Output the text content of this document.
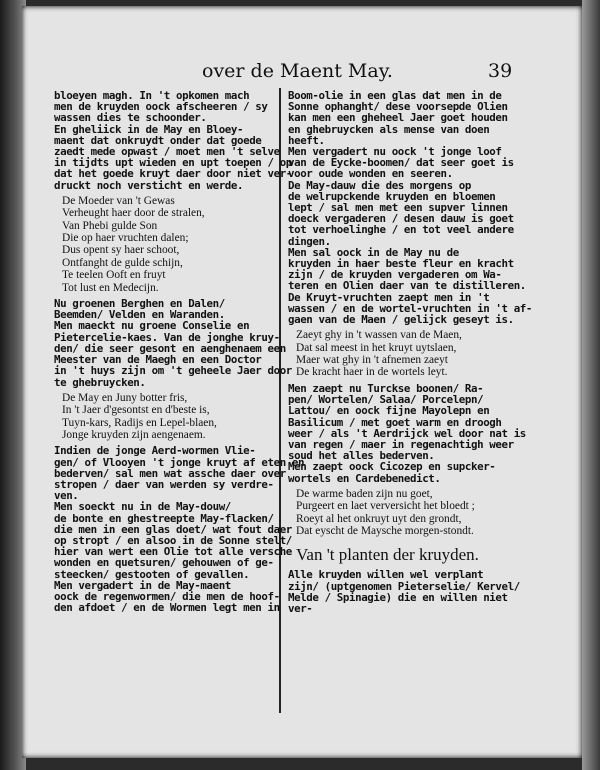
over de Maent May.	39

bloeyen magh. In 't opkomen mach
men de kruyden oock afscheeren / sy
wassen dies te schoonder.

En gheliick in de May en Bloey-
maent dat onkruydt onder dat goede
zaedt mede opwast / moet men 't selve
in tijdts upt wieden en upt toepen / op
dat het goede kruyt daer door niet ver-
druckt noch versticht en werde.

De Moeder van 't Gewas
Verheught haer door de stralen,
Van Phebi gulde Son
Die op haer vruchten dalen;
Dus opent sy haer schoot,
Ontfanght de gulde schijn,
Te teelen Ooft en fruyt
Tot lust en Medecijn.

Nu groenen Berghen en Dalen/
Beemden/ Velden en Waranden.

Men maeckt nu groene Conselie en
Pietercelie-kaes. Van de jonghe kruy-
den/ die seer gesont en aenghenaem een
Meester van de Maegh en een Doctor
in 't huys zijn om 't geheele Jaer door
te ghebruycken.

De May en Juny botter fris,
In 't Jaer d'gesontst en d'beste is,
Tuyn-kars, Radijs en Lepel-blaen,
Jonge kruyden zijn aengenaem.

Indien de jonge Aerd-wormen Vlie-
gen/ of Vlooyen 't jonge kruyt af eten en
bederven/ sal men wat assche daer over
stropen / daer van werden sy verdre-
ven.

Men soeckt nu in de May-douw/
de bonte en ghestreepte May-flacken/
die men in een glas doet/ wat fout daer
op stropt / en alsoo in de Sonne stelt/
hier van wert een Olie tot alle versche
wonden en quetsuren/ gehouwen of ge-
steecken/ gestooten of gevallen.

Men vergadert in de May-maent
oock de regenwormen/ die men de hoof-
den afdoet / en de Wormen legt men in

Boom-olie in een glas dat men in de
Sonne ophanght/ dese voorsepde Olien
kan men een gheheel Jaer goet houden
en ghebruycken als mense van doen
heeft.

Men vergadert nu oock 't jonge loof
van de Eycke-boomen/ dat seer goet is
voor oude wonden en seeren.

De May-dauw die des morgens op
de welrupckende kruyden en bloemen
lept / sal men met een supver linnen
doeck vergaderen / desen dauw is goet
tot verhoelinghe / en tot veel andere
dingen.

Men sal oock in de May nu de
kruyden in haer beste fleur en kracht
zijn / de kruyden vergaderen om Wa-
teren en Olien daer van te distilleren.

De Kruyt-vruchten zaept men in 't
wassen / en de wortel-vruchten in 't af-
gaen van de Maen / gelijck geseyt is.

Zaeyt ghy in 't wassen van de Maen,
Dat sal meest in het kruyt uytslaen,
Maer wat ghy in 't afnemen zaeyt
De kracht haer in de wortels leyt.

Men zaept nu Turckse boonen/ Ra-
pen/ Wortelen/ Salaa/ Porcelepn/
Lattou/ en oock fijne Mayolepn en
Basilicum / met goet warm en droogh
weer / als 't Aerdrijck wel door nat is
van regen / maer in regenachtigh weer
soud het alles bederven.

Men zaept oock Cicozep en supcker-
wortels en Cardebenedict.

De warme baden zijn nu goet,
Purgeert en laet verversicht het bloedt ;
Roeyt al het onkruyt uyt den grondt,
Dat eyscht de Maysche morgen-stondt.

Van 't planten der kruyden.

Alle kruyden willen wel verplant
zijn/ (uptgenomen Pieterselie/ Kervel/
Melde / Spinagie) die en willen niet
ver-
